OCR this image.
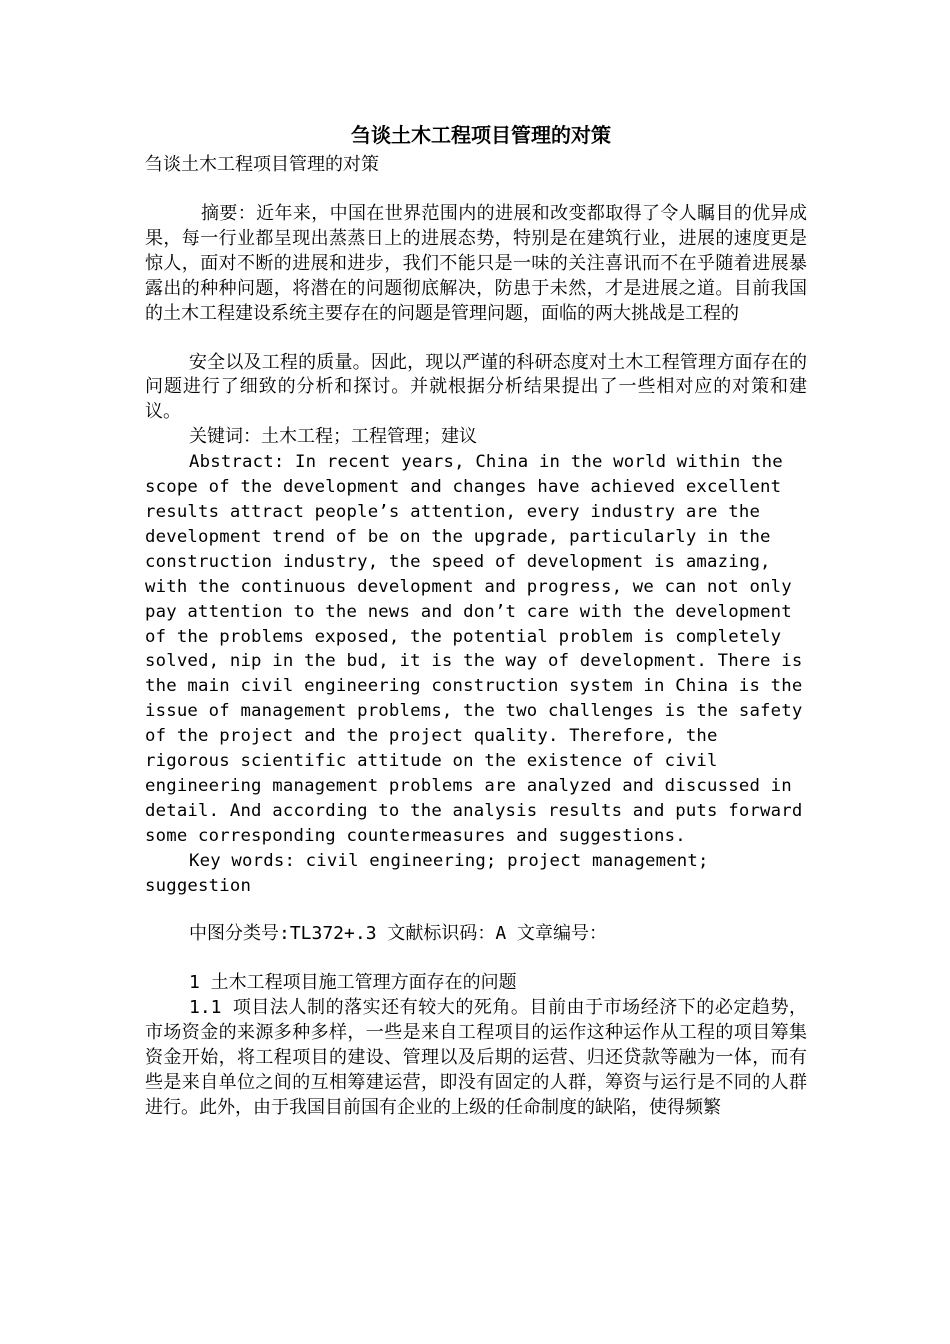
刍谈土木工程项目管理的对策

刍谈土木工程项目管理的对策

摘要：近年来，中国在世界范围内的进展和改变都取得了令人瞩目的优异成果，每一行业都呈现出蒸蒸日上的进展态势，特别是在建筑行业，进展的速度更是惊人，面对不断的进展和进步，我们不能只是一味的关注喜讯而不在乎随着进展暴露出的种种问题，将潜在的问题彻底解决，防患于未然，才是进展之道。目前我国的土木工程建设系统主要存在的问题是管理问题，面临的两大挑战是工程的

安全以及工程的质量。因此，现以严谨的科研态度对土木工程管理方面存在的问题进行了细致的分析和探讨。并就根据分析结果提出了一些相对应的对策和建议。

关键词：土木工程；工程管理；建议

Abstract: In recent years, China in the world within the scope of the development and changes have achieved excellent results attract people’s attention, every industry are the development trend of be on the upgrade, particularly in the construction industry, the speed of development is amazing, with the continuous development and progress, we can not only pay attention to the news and don’t care with the development of the problems exposed, the potential problem is completely solved, nip in the bud, it is the way of development. There is the main civil engineering construction system in China is the issue of management problems, the two challenges is the safety of the project and the project quality. Therefore, the rigorous scientific attitude on the existence of civil engineering management problems are analyzed and discussed in detail. And according to the analysis results and puts forward some corresponding countermeasures and suggestions.

Key words: civil engineering; project management; suggestion

中图分类号:TL372+.3 文献标识码：A 文章编号：

1 土木工程项目施工管理方面存在的问题

1.1 项目法人制的落实还有较大的死角。目前由于市场经济下的必定趋势，市场资金的来源多种多样，一些是来自工程项目的运作这种运作从工程的项目筹集资金开始，将工程项目的建设、管理以及后期的运营、归还贷款等融为一体，而有些是来自单位之间的互相筹建运营，即没有固定的人群，筹资与运行是不同的人群进行。此外，由于我国目前国有企业的上级的任命制度的缺陷，使得频繁
